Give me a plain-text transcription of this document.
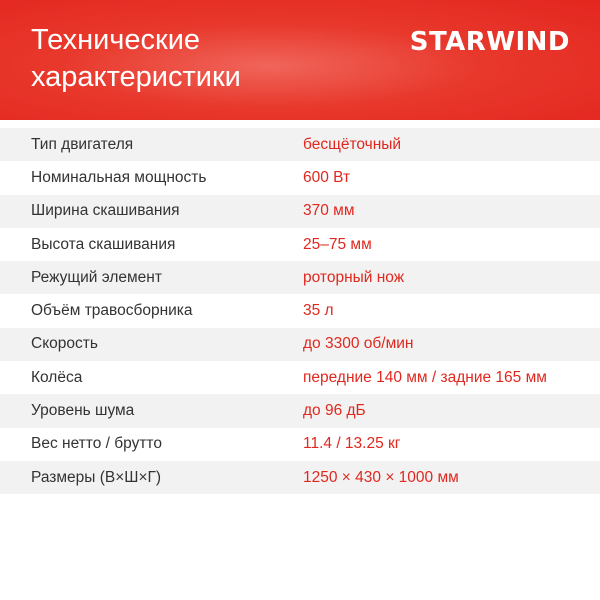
Технические
характеристики
STARWIND
Тип двигателя	бесщёточный
Номинальная мощность	600 Вт
Ширина скашивания	370 мм
Высота скашивания	25–75 мм
Режущий элемент	роторный нож
Объём травосборника	35 л
Скорость	до 3300 об/мин
Колёса	передние 140 мм / задние 165 мм
Уровень шума	до 96 дБ
Вес нетто / брутто	11.4 / 13.25 кг
Размеры (В×Ш×Г)	1250 × 430 × 1000 мм
